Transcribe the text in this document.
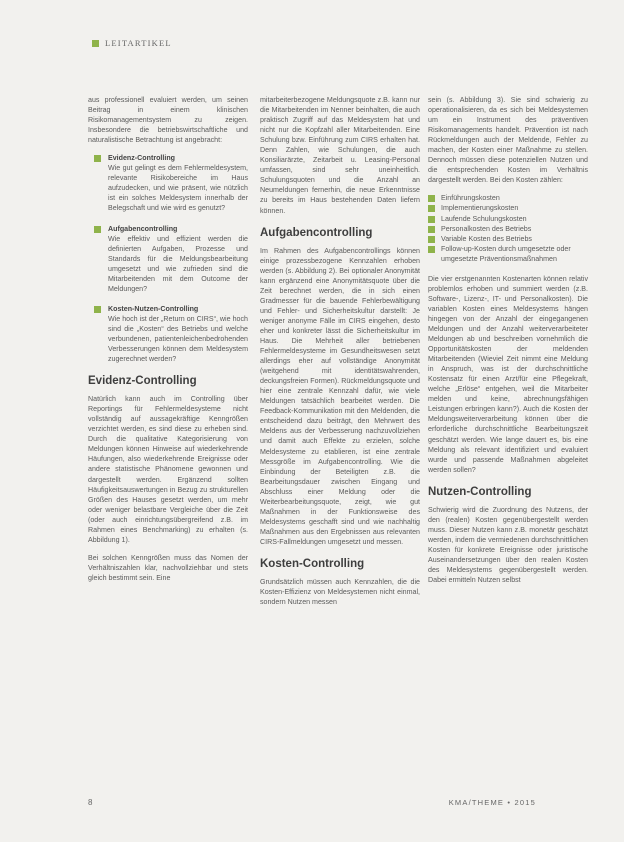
LEITARTIKEL

aus professionell evaluiert werden, um seinen Beitrag in einem klinischen Risikomanagementsystem zu zeigen. Insbesondere die betriebswirtschaftliche und naturalistische Betrachtung ist angebracht:

Evidenz-Controlling
Wie gut gelingt es dem Fehlermeldesystem, relevante Risikobereiche im Haus aufzudecken, und wie präsent, wie nützlich ist ein solches Meldesystem innerhalb der Belegschaft und wie wird es genutzt?
Aufgabencontrolling
Wie effektiv und effizient werden die definierten Aufgaben, Prozesse und Standards für die Meldungsbearbeitung umgesetzt und wie zufrieden sind die Mitarbeitenden mit dem Outcome der Meldungen?
Kosten-Nutzen-Controlling
Wie hoch ist der „Return on CIRS“, wie hoch sind die „Kosten“ des Betriebs und welche verbundenen, patientenleichenbedrohenden Verbesserungen können dem Meldesystem zugerechnet werden?
Evidenz-Controlling

Natürlich kann auch im Controlling über Reportings für Fehlermeldesysteme nicht vollständig auf aussagekräftige Kenngrößen verzichtet werden, es sind diese zu erheben sind. Durch die qualitative Kategorisierung von Meldungen können Hinweise auf wiederkehrende Häufungen, also wiederkehrende Ereignisse oder andere statistische Phänomene gewonnen und dargestellt werden. Ergänzend sollten Häufigkeitsauswertungen in Bezug zu strukturellen Größen des Hauses gesetzt werden, um mehr oder weniger belastbare Vergleiche über die Zeit (oder auch einrichtungsübergreifend z.B. im Rahmen eines Benchmarking) zu erhalten (s. Abbildung 1).

Bei solchen Kenngrößen muss das Nomen der Verhältniszahlen klar, nachvollziehbar und stets gleich bestimmt sein. Eine

mitarbeiterbezogene Meldungsquote z.B. kann nur die Mitarbeitenden im Nenner beinhalten, die auch praktisch Zugriff auf das Meldesystem hat und nicht nur die Kopfzahl aller Mitarbeitenden. Eine Schulung bzw. Einführung zum CIRS erhalten hat. Denn Zahlen, wie Schulungen, die auch Konsiliarärzte, Zeitarbeit u. Leasing-Personal umfassen, sind sehr uneinheitlich. Schulungsquoten und die Anzahl an Neumeldungen fernerhin, die neue Erkenntnisse zu bereits im Haus bestehenden Daten liefern können.

Aufgabencontrolling

Im Rahmen des Aufgabencontrollings können einige prozessbezogene Kennzahlen erhoben werden (s. Abbildung 2). Bei optionaler Anonymität kann ergänzend eine Anonymitätsquote über die Zeit berechnet werden, die in sich einen Gradmesser für die bauende Fehlerbewältigung und Fehler- und Sicherheitskultur darstellt: Je weniger anonyme Fälle im CIRS eingehen, desto eher und konkreter lässt die Sicherheitskultur im Haus. Die Mehrheit aller betriebenen Fehlermeldesysteme im Gesundheitswesen setzt allerdings eher auf vollständige Anonymität (weitgehend mit identitätswahrenden, deckungsfreien Formen). Rückmeldungsquote und hier eine zentrale Kennzahl dafür, wie viele Meldungen tatsächlich bearbeitet werden. Die Feedback-Kommunikation mit den Meldenden, die entscheidend dazu beiträgt, den Mehrwert des Meldens aus der Verbesserung nachzuvollziehen und damit auch Effekte zu erzielen, solche Meldesysteme zu etablieren, ist eine zentrale Messgröße im Aufgabencontrolling. Wie die Einbindung der Beteiligten z.B. die Bearbeitungsdauer zwischen Eingang und Abschluss einer Meldung oder die Weiterbearbeitungsquote, zeigt, wie gut Maßnahmen in der Funktionsweise des Meldesystems geschafft sind und wie nachhaltig Maßnahmen aus den Ergebnissen aus relevanten CIRS-Fallmeldungen umgesetzt und messen.

Kosten-Controlling

Grundsätzlich müssen auch Kennzahlen, die die Kosten-Effizienz von Meldesystemen nicht einmal, sondern Nutzen messen

sein (s. Abbildung 3). Sie sind schwierig zu operationalisieren, da es sich bei Meldesystemen um ein Instrument des präventiven Risikomanagements handelt. Prävention ist nach Rückmeldungen auch der Meldende, Fehler zu machen, der Kosten einer Maßnahme zu stellen. Dennoch müssen diese potenziellen Nutzen und die entsprechenden Kosten im Verhältnis dargestellt werden. Bei den Kosten zählen:

Einführungskosten
Implementierungskosten
Laufende Schulungskosten
Personalkosten des Betriebs
Variable Kosten des Betriebs
Follow-up-Kosten durch umgesetzte oder umgesetzte Präventionsmaßnahmen

Die vier erstgenannten Kostenarten können relativ problemlos erhoben und summiert werden (z.B. Software-, Lizenz-, IT- und Personalkosten). Die variablen Kosten eines Meldesystems hängen hingegen von der Anzahl der eingegangenen Meldungen und der Anzahl weiterverarbeiteter Meldungen ab und beschreiben vornehmlich die Opportunitätskosten der meldenden Mitarbeitenden (Wieviel Zeit nimmt eine Meldung in Anspruch, was ist der durchschnittliche Kostensatz für einen Arzt/für eine Pflegekraft, welche „Erlöse“ entgehen, weil die Mitarbeiter melden und keine, abrechnungsfähigen Leistungen erbringen kann?). Auch die Kosten der Meldungsweiterverarbeitung können über die erforderliche durchschnittliche Bearbeitungszeit geschätzt werden. Wie lange dauert es, bis eine Meldung als relevant identifiziert und evaluiert wurde und passende Maßnahmen abgeleitet werden sollen?

Nutzen-Controlling

Schwierig wird die Zuordnung des Nutzens, der den (realen) Kosten gegenübergestellt werden muss. Dieser Nutzen kann z.B. monetär geschätzt werden, indem die vermiedenen durchschnittlichen Kosten für konkrete Ereignisse oder juristische Auseinandersetzungen über den realen Kosten des Meldesystems gegenübergestellt werden. Dabei ermitteln Nutzen selbst

8	KMA/THEME • 2015
